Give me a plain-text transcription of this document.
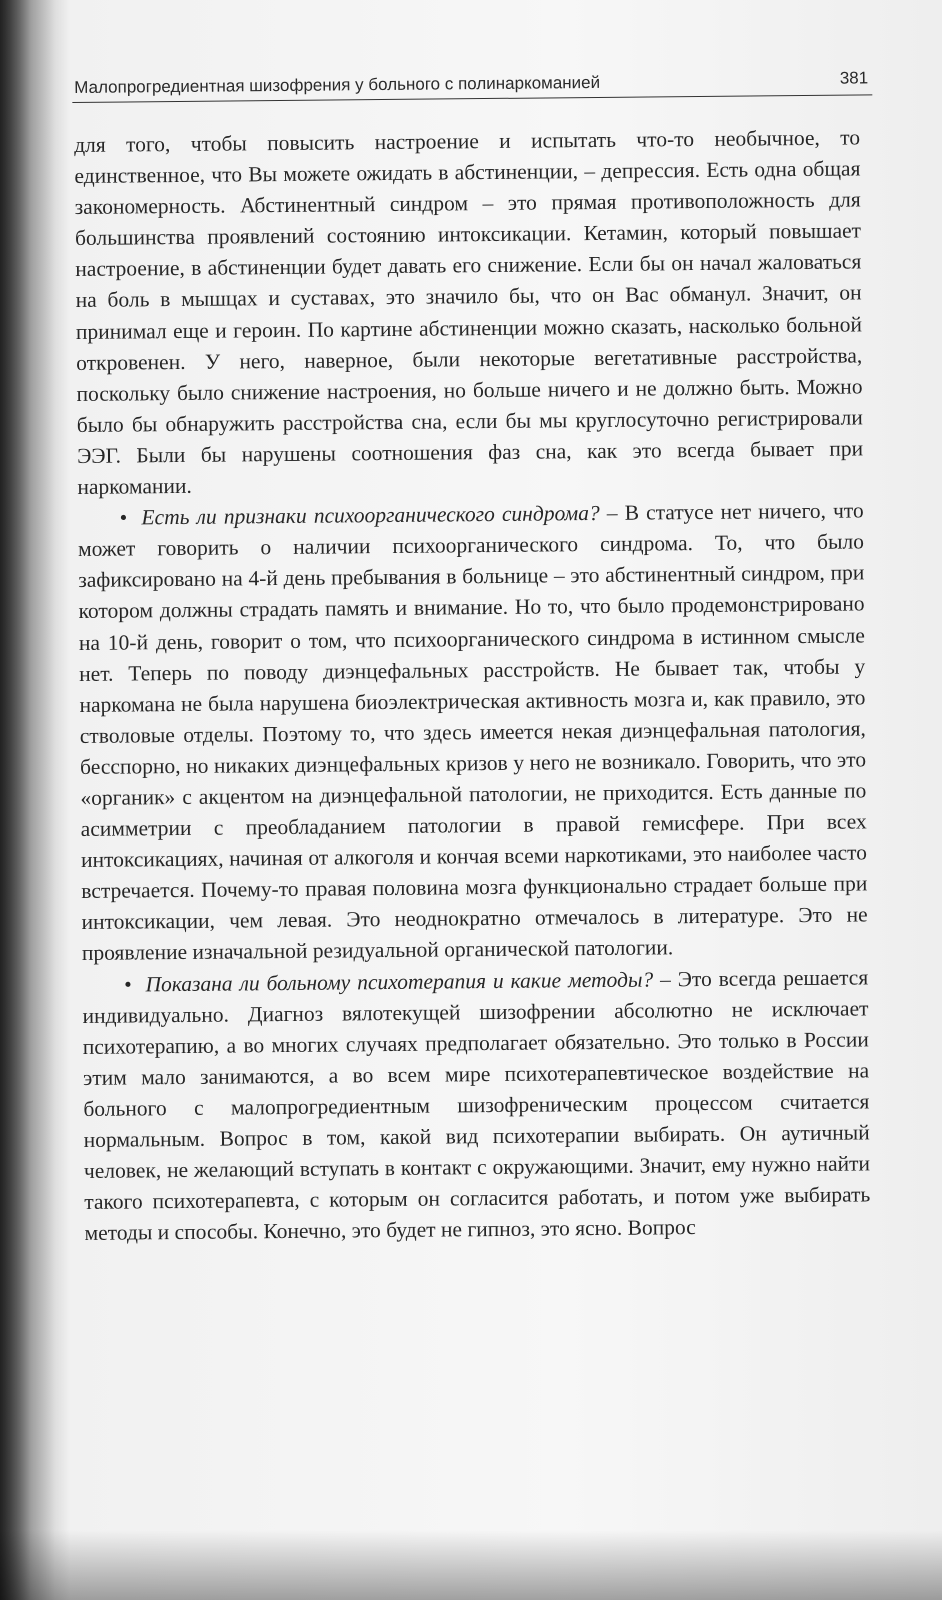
Малопрогредиентная шизофрения у больного с полинаркоманией	381

для того, чтобы повысить настроение и испытать что-то необычное, то единственное, что Вы можете ожидать в абстиненции, – депрессия. Есть одна общая закономерность. Абстинентный синдром – это прямая противоположность для большинства проявлений состоянию интоксикации. Кетамин, который повышает настроение, в абстиненции будет давать его снижение. Если бы он начал жаловаться на боль в мышцах и суставах, это значило бы, что он Вас обманул. Значит, он принимал еще и героин. По картине абстиненции можно сказать, насколько больной откровенен. У него, наверное, были некоторые вегетативные расстройства, поскольку было снижение настроения, но больше ничего и не должно быть. Можно было бы обнаружить расстройства сна, если бы мы круглосуточно регистрировали ЭЭГ. Были бы нарушены соотношения фаз сна, как это всегда бывает при наркомании.

• Есть ли признаки психоорганического синдрома? – В статусе нет ничего, что может говорить о наличии психоорганического синдрома. То, что было зафиксировано на 4-й день пребывания в больнице – это абстинентный синдром, при котором должны страдать память и внимание. Но то, что было продемонстрировано на 10-й день, говорит о том, что психоорганического синдрома в истинном смысле нет. Теперь по поводу диэнцефальных расстройств. Не бывает так, чтобы у наркомана не была нарушена биоэлектрическая активность мозга и, как правило, это стволовые отделы. Поэтому то, что здесь имеется некая диэнцефальная патология, бесспорно, но никаких диэнцефальных кризов у него не возникало. Говорить, что это «органик» с акцентом на диэнцефальной патологии, не приходится. Есть данные по асимметрии с преобладанием патологии в правой гемисфере. При всех интоксикациях, начиная от алкоголя и кончая всеми наркотиками, это наиболее часто встречается. Почему-то правая половина мозга функционально страдает больше при интоксикации, чем левая. Это неоднократно отмечалось в литературе. Это не проявление изначальной резидуальной органической патологии.

• Показана ли больному психотерапия и какие методы? – Это всегда решается индивидуально. Диагноз вялотекущей шизофрении абсолютно не исключает психотерапию, а во многих случаях предполагает обязательно. Это только в России этим мало занимаются, а во всем мире психотерапевтическое воздействие на больного с малопрогредиентным шизофреническим процессом считается нормальным. Вопрос в том, какой вид психотерапии выбирать. Он аутичный человек, не желающий вступать в контакт с окружающими. Значит, ему нужно найти такого психотерапевта, с которым он согласится работать, и потом уже выбирать методы и способы. Конечно, это будет не гипноз, это ясно. Вопрос
